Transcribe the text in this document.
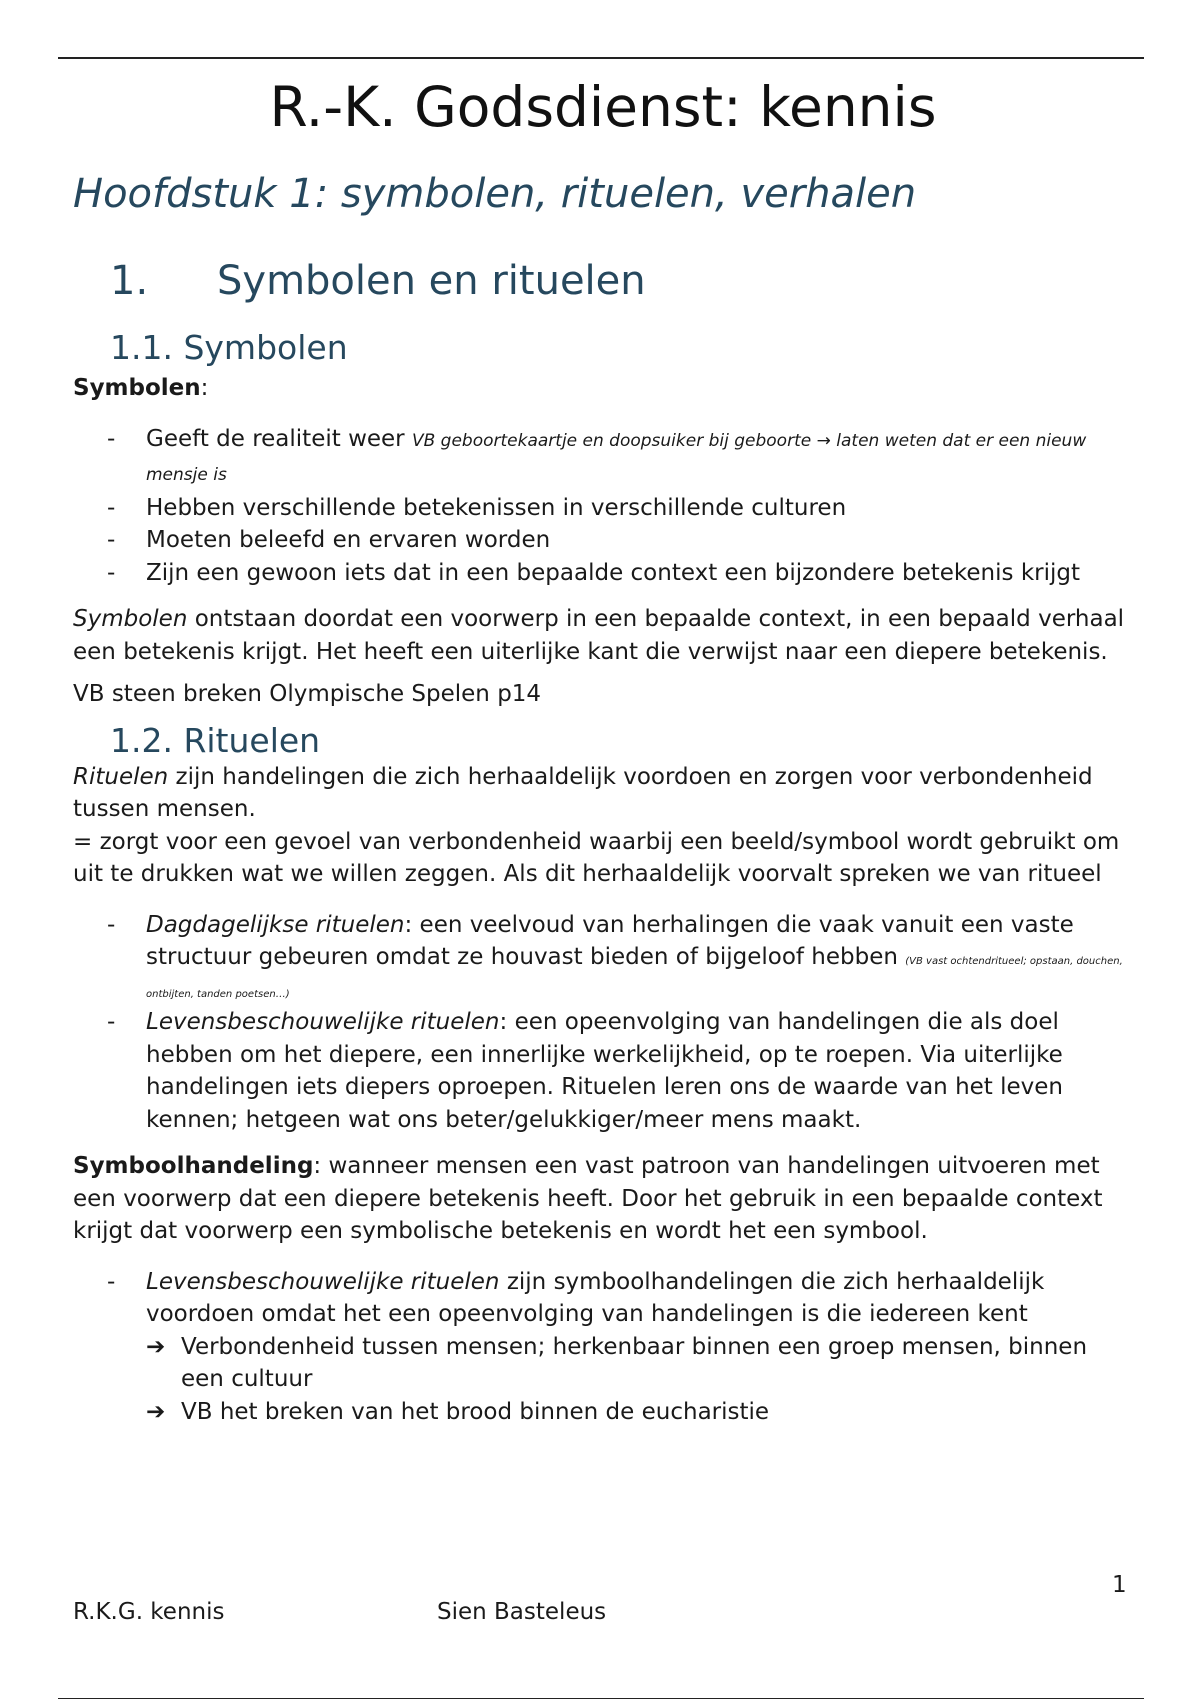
R.-K. Godsdienst: kennis
Hoofdstuk 1: symbolen, rituelen, verhalen
1. Symbolen en rituelen
1.1. Symbolen

Symbolen:

- Geeft de realiteit weer VB geboortekaartje en doopsuiker bij geboorte → laten weten dat er een nieuw mensje is
- Hebben verschillende betekenissen in verschillende culturen
- Moeten beleefd en ervaren worden
- Zijn een gewoon iets dat in een bepaalde context een bijzondere betekenis krijgt

Symbolen ontstaan doordat een voorwerp in een bepaalde context, in een bepaald verhaal een betekenis krijgt. Het heeft een uiterlijke kant die verwijst naar een diepere betekenis.

VB steen breken Olympische Spelen p14

1.2. Rituelen

Rituelen zijn handelingen die zich herhaaldelijk voordoen en zorgen voor verbondenheid tussen mensen.
= zorgt voor een gevoel van verbondenheid waarbij een beeld/symbool wordt gebruikt om uit te drukken wat we willen zeggen. Als dit herhaaldelijk voorvalt spreken we van ritueel

- Dagdagelijkse rituelen: een veelvoud van herhalingen die vaak vanuit een vaste structuur gebeuren omdat ze houvast bieden of bijgeloof hebben (VB vast ochtendritueel; opstaan, douchen, ontbijten, tanden poetsen…)
- Levensbeschouwelijke rituelen: een opeenvolging van handelingen die als doel hebben om het diepere, een innerlijke werkelijkheid, op te roepen. Via uiterlijke handelingen iets diepers oproepen. Rituelen leren ons de waarde van het leven kennen; hetgeen wat ons beter/gelukkiger/meer mens maakt.

Symboolhandeling: wanneer mensen een vast patroon van handelingen uitvoeren met een voorwerp dat een diepere betekenis heeft. Door het gebruik in een bepaalde context krijgt dat voorwerp een symbolische betekenis en wordt het een symbool.

- Levensbeschouwelijke rituelen zijn symboolhandelingen die zich herhaaldelijk voordoen omdat het een opeenvolging van handelingen is die iedereen kent
➔ Verbondenheid tussen mensen; herkenbaar binnen een groep mensen, binnen een cultuur
➔ VB het breken van het brood binnen de eucharistie
1
R.K.G. kennis	Sien Basteleus
